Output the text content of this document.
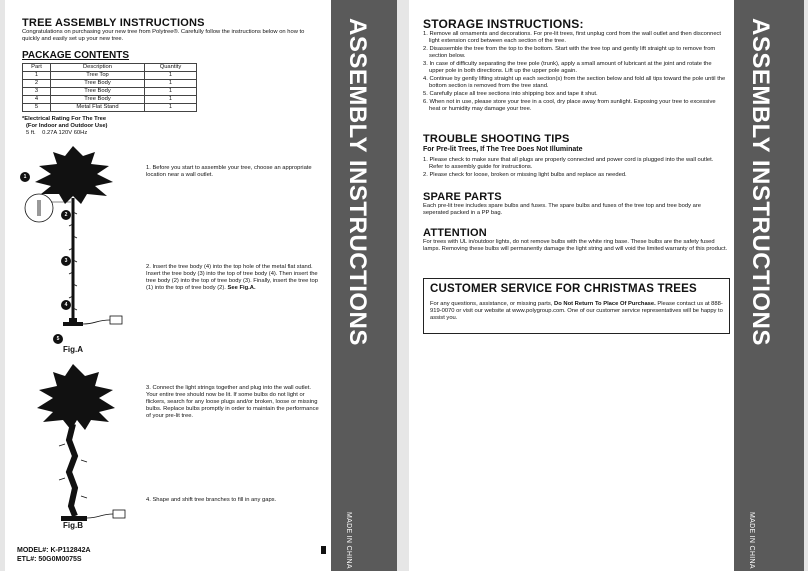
TREE ASSEMBLY INSTRUCTIONS

Congratulations on purchasing your new tree from Polytree®. Carefully follow the instructions below on how to quickly and easily set up your new tree.

PACKAGE CONTENTS
Part	Description	Quantity
1	Tree Top	1
2	Tree Body	1
3	Tree Body	1
4	Tree Body	1
5	Metal Flat Stand	1

*Electrical Rating For The Tree

(For Indoor and Outdoor Use)

5 ft.    0.27A 120V 60Hz

1
2
3
4
5

Fig.A

Fig.B

1. Before you start to assemble your tree, choose an appropriate location near a wall outlet.

2. Insert the tree body (4) into the top hole of the metal flat stand. Insert the tree body (3) into the top of tree body (4). Then insert the tree body (2) into the top of tree body (3). Finally, insert the tree top (1) into the top of tree body (2). See Fig.A.

3. Connect the light strings together and plug into the wall outlet. Your entire tree should now be lit. If some bulbs do not light or flickers, search for any loose plugs and/or broken, loose or missing bulbs. Replace bulbs promptly in order to maintain the performance of your pre-lit tree.

4. Shape and shift tree branches to fill in any gaps.

MODEL#: K-P112842A

ETL#: 50G0M0075S

ASSEMBLY INSTRUCTIONS
MADE IN CHINA
STORAGE INSTRUCTIONS:
1. Remove all ornaments and decorations. For pre-lit trees, first unplug cord from the wall outlet and then disconnect light extension cord between each section of the tree.
2. Disassemble the tree from the top to the bottom. Start with the tree top and gently lift straight up to remove from section below.
3. In case of difficulty separating the tree pole (trunk), apply a small amount of lubricant at the joint and rotate the upper pole in both directions. Lift up the upper pole again.
4. Continue by gently lifting straight up each section(s) from the section below and fold all tips toward the pole until the bottom section is removed from the tree stand.
5. Carefully place all tree sections into shipping box and tape it shut.
6. When not in use, please store your tree in a cool, dry place away from sunlight. Exposing your tree to excessive heat or humidity may damage your tree.
TROUBLE SHOOTING TIPS
For Pre-lit Trees, If The Tree Does Not Illuminate
1. Please check to make sure that all plugs are properly connected and power cord is plugged into the wall outlet. Refer to assembly guide for instructions.
2. Please check for loose, broken or missing light bulbs and replace as needed.
SPARE PARTS

Each pre-lit tree includes spare bulbs and fuses. The spare bulbs and fuses of the tree top and tree body are seperated packed in a PP bag.

ATTENTION

For trees with UL in/outdoor lights, do not remove bulbs with the white ring base. These bulbs are the safety fused lamps. Removing these bulbs will permanently damage the light string and will void the limited warranty of this product.

CUSTOMER SERVICE FOR CHRISTMAS TREES

For any questions, assistance, or missing parts, Do Not Return To Place Of Purchase. Please contact us at 888-919-0070 or visit our website at www.polygroup.com. One of our customer service representatives will be happy to assist you.	ASSEMBLY INSTRUCTIONS
MADE IN CHINA
